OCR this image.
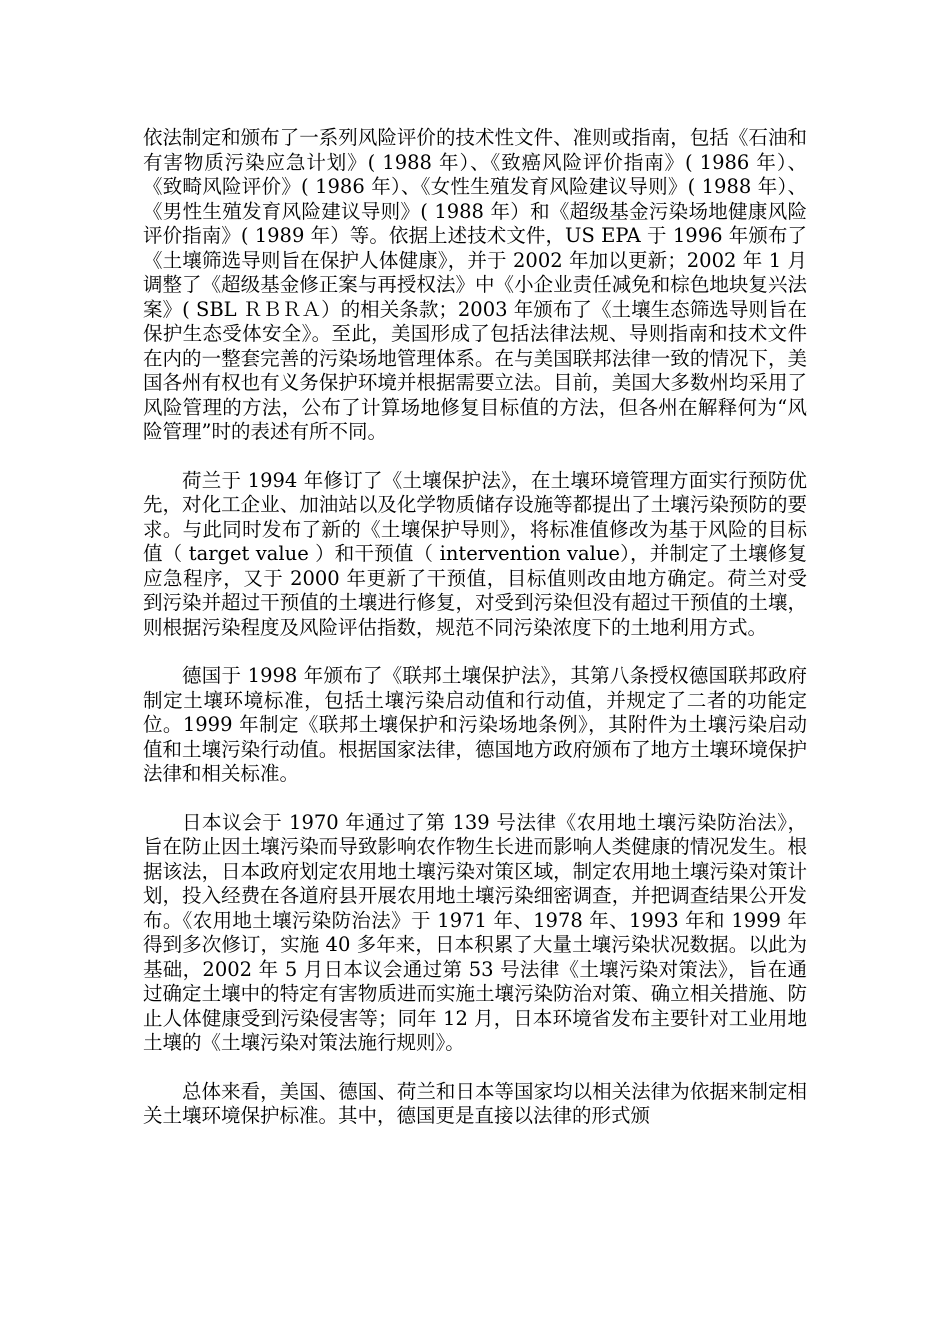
依法制定和颁布了一系列风险评价的技术性文件、准则或指南，包括《石油和有害物质污染应急计划》( 1988 年）、《致癌风险评价指南》( 1986 年）、《致畸风险评价》( 1986 年）、《女性生殖发育风险建议导则》( 1988 年）、《男性生殖发育风险建议导则》( 1988 年）和《超级基金污染场地健康风险评价指南》( 1989 年）等。依据上述技术文件，US EPA 于 1996 年颁布了《土壤筛选导则旨在保护人体健康》，并于 2002 年加以更新；2002 年 1 月调整了《超级基金修正案与再授权法》中《小企业责任减免和棕色地块复兴法案》( SBL ＲＢＲＡ）的相关条款；2003 年颁布了《土壤生态筛选导则旨在保护生态受体安全》。至此，美国形成了包括法律法规、导则指南和技术文件在内的一整套完善的污染场地管理体系。在与美国联邦法律一致的情况下，美国各州有权也有义务保护环境并根据需要立法。目前，美国大多数州均采用了风险管理的方法，公布了计算场地修复目标值的方法，但各州在解释何为“风险管理”时的表述有所不同。

荷兰于 1994 年修订了《土壤保护法》，在土壤环境管理方面实行预防优先，对化工企业、加油站以及化学物质储存设施等都提出了土壤污染预防的要求。与此同时发布了新的《土壤保护导则》，将标准值修改为基于风险的目标值（ target value ）和干预值（ intervention value），并制定了土壤修复应急程序，又于 2000 年更新了干预值，目标值则改由地方确定。荷兰对受到污染并超过干预值的土壤进行修复，对受到污染但没有超过干预值的土壤，则根据污染程度及风险评估指数，规范不同污染浓度下的土地利用方式。

德国于 1998 年颁布了《联邦土壤保护法》，其第八条授权德国联邦政府制定土壤环境标准，包括土壤污染启动值和行动值，并规定了二者的功能定位。1999 年制定《联邦土壤保护和污染场地条例》，其附件为土壤污染启动值和土壤污染行动值。根据国家法律，德国地方政府颁布了地方土壤环境保护法律和相关标准。

日本议会于 1970 年通过了第 139 号法律《农用地土壤污染防治法》，旨在防止因土壤污染而导致影响农作物生长进而影响人类健康的情况发生。根据该法，日本政府划定农用地土壤污染对策区域，制定农用地土壤污染对策计划，投入经费在各道府县开展农用地土壤污染细密调查，并把调查结果公开发布。《农用地土壤污染防治法》于 1971 年、1978 年、1993 年和 1999 年得到多次修订，实施 40 多年来，日本积累了大量土壤污染状况数据。以此为基础，2002 年 5 月日本议会通过第 53 号法律《土壤污染对策法》，旨在通过确定土壤中的特定有害物质进而实施土壤污染防治对策、确立相关措施、防止人体健康受到污染侵害等；同年 12 月，日本环境省发布主要针对工业用地土壤的《土壤污染对策法施行规则》。

总体来看，美国、德国、荷兰和日本等国家均以相关法律为依据来制定相关土壤环境保护标准。其中，德国更是直接以法律的形式颁
